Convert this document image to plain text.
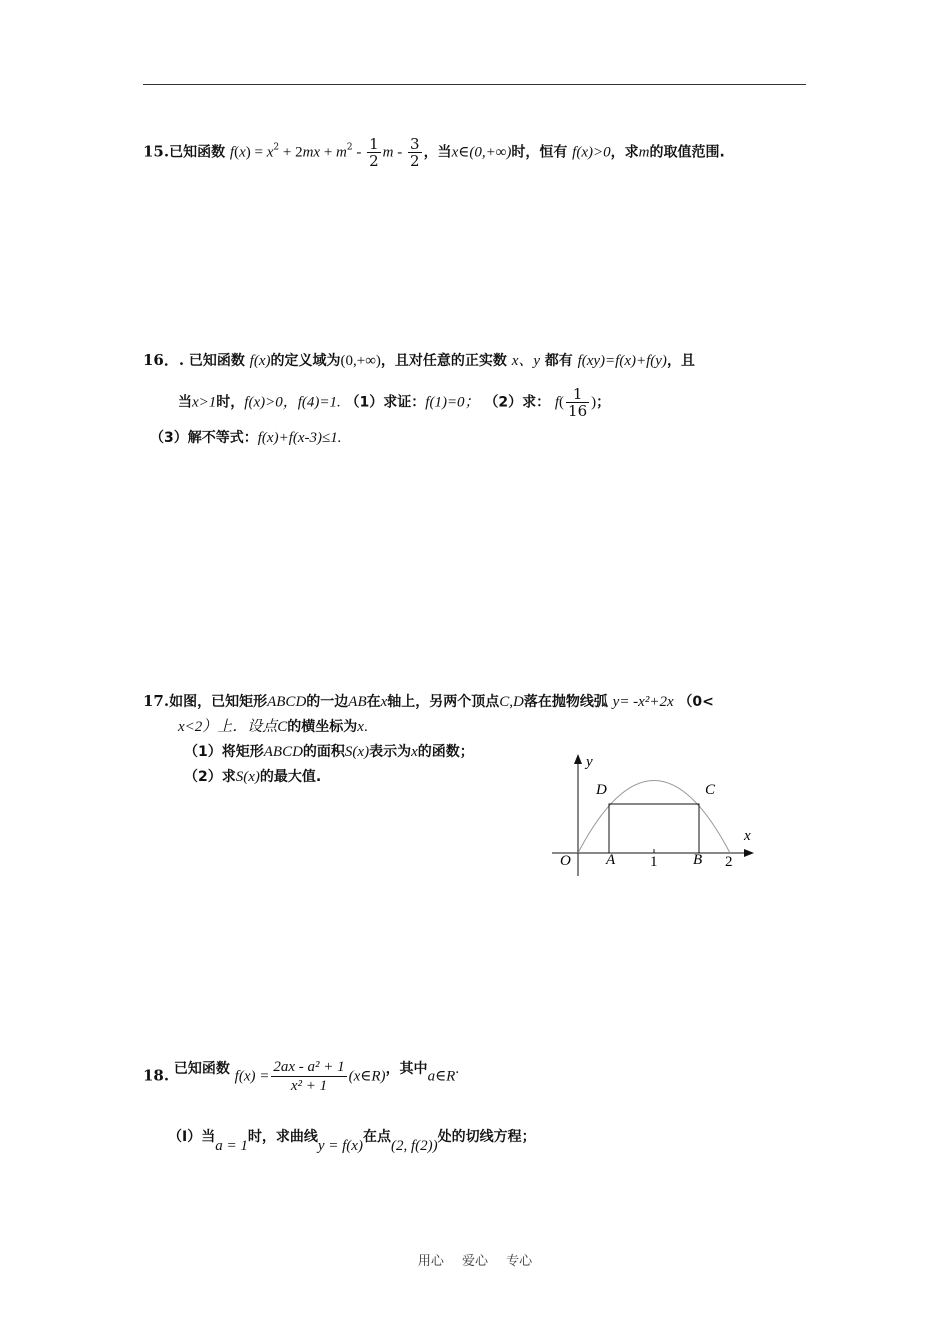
15.已知函数 $f(x) = x^2 + 2mx + m^2 - \frac{1}{2}$ m - $\frac{3}{2}$ ，当x∈(0,+∞)时，恒有 f(x)>0，求m的取值范围.
16．. 已知函数 f(x)的定义域为(0,+∞)，且对任意的正实数 x、y 都有 f(xy)=f(x)+f(y)，且
当x>1时，f(x)>0，f(4)=1. （1）求证：f(1)=0； （2）求： $f( \frac{1}{16}$ )；
（3）解不等式：f(x)+f(x-3)≤1.
17.如图，已知矩形ABCD的一边AB在x轴上，另两个顶点C,D落在抛物线弧 y= -x²+2x （0<
x<2）上．设点C的横坐标为x.
（1）将矩形ABCD的面积S(x)表示为x的函数；
（2）求S(x)的最大值.
y
x
O A	B
D	C
1	2
18. 已知函数 $f(x) = \frac{\text{2ax - a² + 1}}{\text{x² + 1}}$ (x∈R)，其中a∈R.
（Ⅰ）当a = 1时，求曲线y = f(x)在点(2, f(2))处的切线方程；
用心 爱心 专心
